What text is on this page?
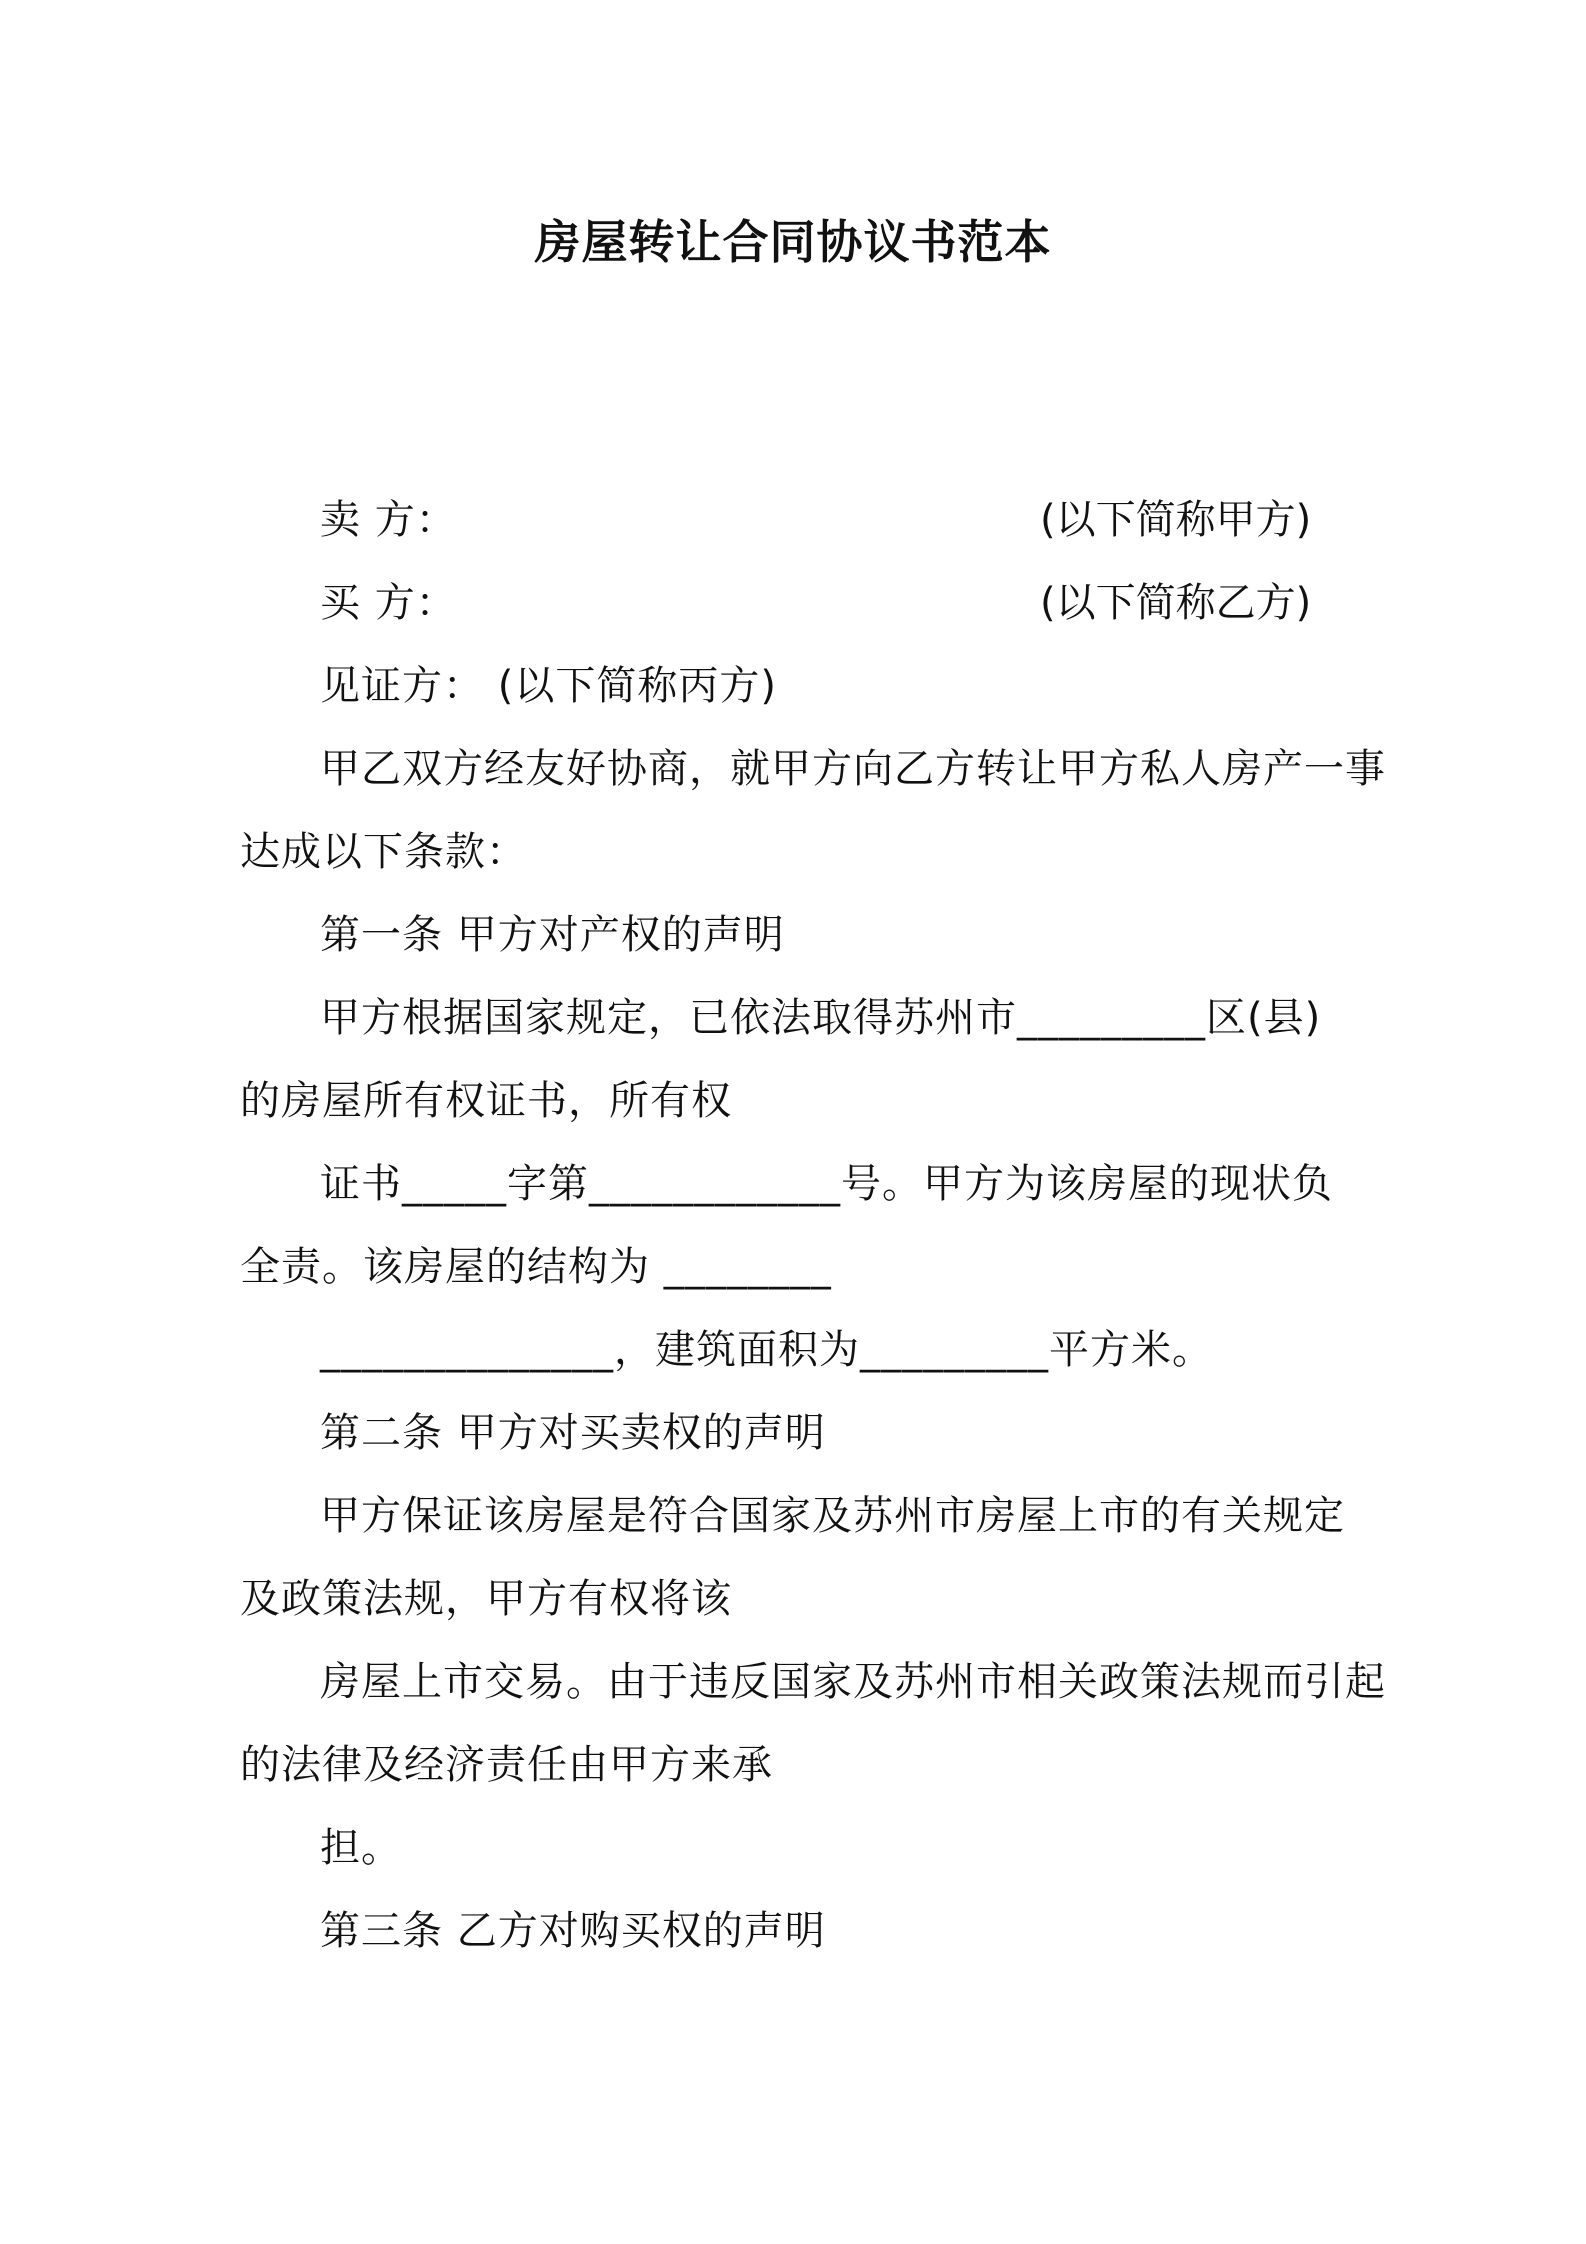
房屋转让合同协议书范本
卖 方：	(以下简称甲方)
买 方：	(以下简称乙方)
见证方： (以下简称丙方)
甲乙双方经友好协商，就甲方向乙方转让甲方私人房产一事
达成以下条款：
第一条 甲方对产权的声明
甲方根据国家规定，已依法取得苏州市_________区(县)
的房屋所有权证书，所有权
证书_____字第____________号。甲方为该房屋的现状负
全责。该房屋的结构为 ________
______________，建筑面积为_________平方米。
第二条 甲方对买卖权的声明
甲方保证该房屋是符合国家及苏州市房屋上市的有关规定
及政策法规，甲方有权将该
房屋上市交易。由于违反国家及苏州市相关政策法规而引起
的法律及经济责任由甲方来承
担。
第三条 乙方对购买权的声明
